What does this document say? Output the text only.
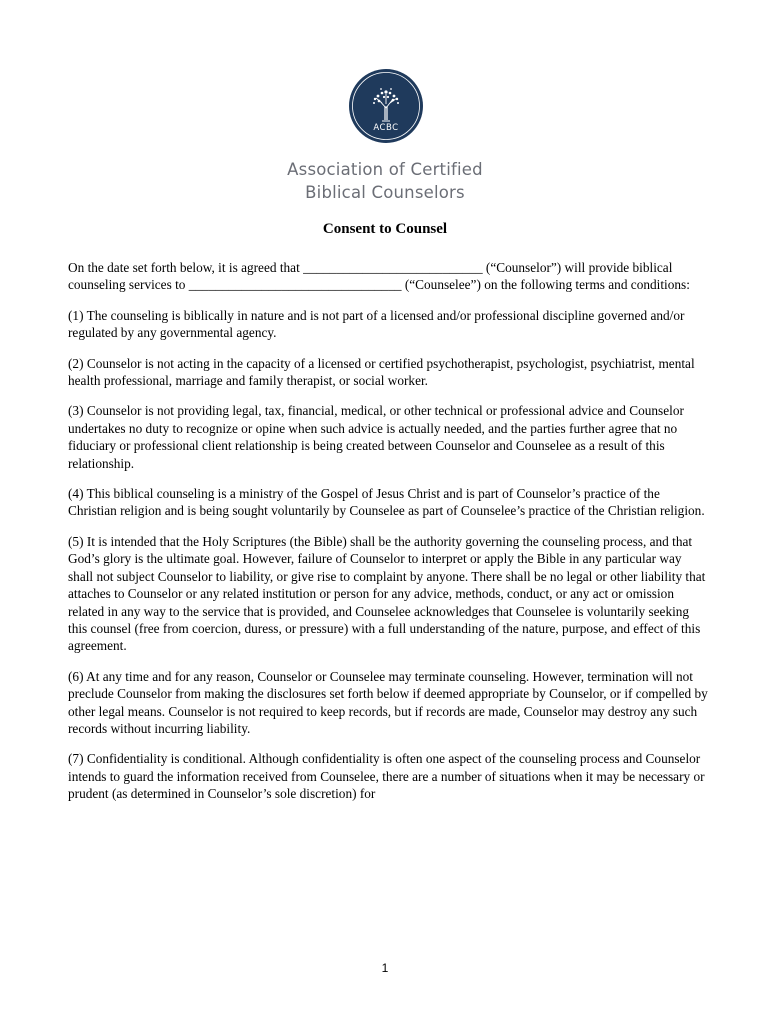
ACBC
Association of Certified
Biblical Counselors
Consent to Counsel

On the date set forth below, it is agreed that ___________________________ (“Counselor”) will provide biblical counseling services to ________________________________ (“Counselee”) on the following terms and conditions:

(1) The counseling is biblically in nature and is not part of a licensed and/or professional discipline governed and/or regulated by any governmental agency.

(2) Counselor is not acting in the capacity of a licensed or certified psychotherapist, psychologist, psychiatrist, mental health professional, marriage and family therapist, or social worker.

(3) Counselor is not providing legal, tax, financial, medical, or other technical or professional advice and Counselor undertakes no duty to recognize or opine when such advice is actually needed, and the parties further agree that no fiduciary or professional client relationship is being created between Counselor and Counselee as a result of this relationship.

(4) This biblical counseling is a ministry of the Gospel of Jesus Christ and is part of Counselor’s practice of the Christian religion and is being sought voluntarily by Counselee as part of Counselee’s practice of the Christian religion.

(5) It is intended that the Holy Scriptures (the Bible) shall be the authority governing the counseling process, and that God’s glory is the ultimate goal. However, failure of Counselor to interpret or apply the Bible in any particular way shall not subject Counselor to liability, or give rise to complaint by anyone. There shall be no legal or other liability that attaches to Counselor or any related institution or person for any advice, methods, conduct, or any act or omission related in any way to the service that is provided, and Counselee acknowledges that Counselee is voluntarily seeking this counsel (free from coercion, duress, or pressure) with a full understanding of the nature, purpose, and effect of this agreement.

(6) At any time and for any reason, Counselor or Counselee may terminate counseling. However, termination will not preclude Counselor from making the disclosures set forth below if deemed appropriate by Counselor, or if compelled by other legal means. Counselor is not required to keep records, but if records are made, Counselor may destroy any such records without incurring liability.

(7) Confidentiality is conditional. Although confidentiality is often one aspect of the counseling process and Counselor intends to guard the information received from Counselee, there are a number of situations when it may be necessary or prudent (as determined in Counselor’s sole discretion) for

1
